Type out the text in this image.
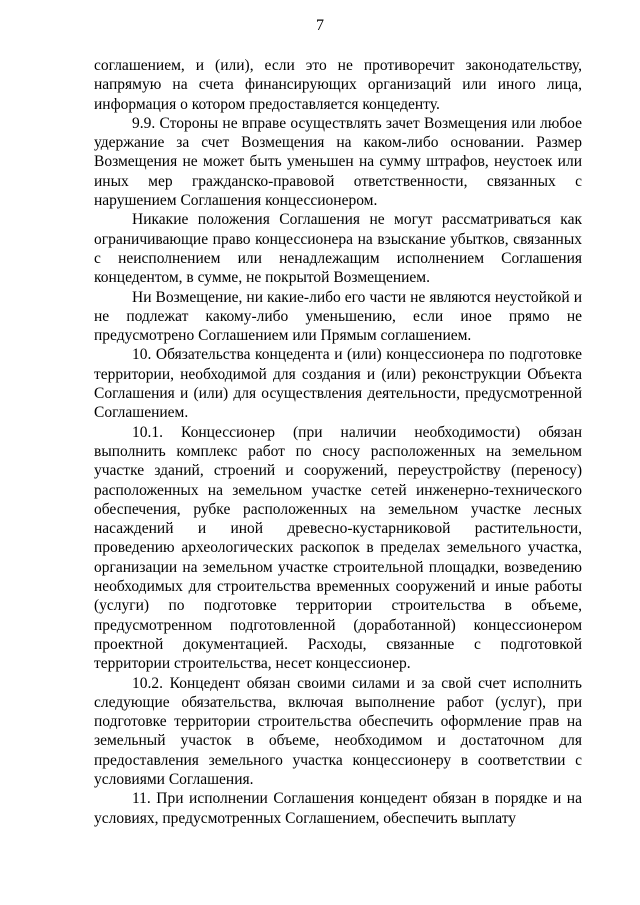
7

соглашением, и (или), если это не противоречит законодательству, напрямую на счета финансирующих организаций или иного лица, информация о котором предоставляется концеденту.

9.9. Стороны не вправе осуществлять зачет Возмещения или любое удержание за счет Возмещения на каком-либо основании. Размер Возмещения не может быть уменьшен на сумму штрафов, неустоек или иных мер гражданско-правовой ответственности, связанных с нарушением Соглашения концессионером.

Никакие положения Соглашения не могут рассматриваться как ограничивающие право концессионера на взыскание убытков, связанных с неисполнением или ненадлежащим исполнением Соглашения концедентом, в сумме, не покрытой Возмещением.

Ни Возмещение, ни какие-либо его части не являются неустойкой и не подлежат какому-либо уменьшению, если иное прямо не предусмотрено Соглашением или Прямым соглашением.

10. Обязательства концедента и (или) концессионера по подготовке территории, необходимой для создания и (или) реконструкции Объекта Соглашения и (или) для осуществления деятельности, предусмотренной Соглашением.

10.1. Концессионер (при наличии необходимости) обязан выполнить комплекс работ по сносу расположенных на земельном участке зданий, строений и сооружений, переустройству (переносу) расположенных на земельном участке сетей инженерно-технического обеспечения, рубке расположенных на земельном участке лесных насаждений и иной древесно-кустарниковой растительности, проведению археологических раскопок в пределах земельного участка, организации на земельном участке строительной площадки, возведению необходимых для строительства временных сооружений и иные работы (услуги) по подготовке территории строительства в объеме, предусмотренном подготовленной (доработанной) концессионером проектной документацией. Расходы, связанные с подготовкой территории строительства, несет концессионер.

10.2. Концедент обязан своими силами и за свой счет исполнить следующие обязательства, включая выполнение работ (услуг), при подготовке территории строительства обеспечить оформление прав на земельный участок в объеме, необходимом и достаточном для предоставления земельного участка концессионеру в соответствии с условиями Соглашения.

11. При исполнении Соглашения концедент обязан в порядке и на условиях, предусмотренных Соглашением, обеспечить выплату
